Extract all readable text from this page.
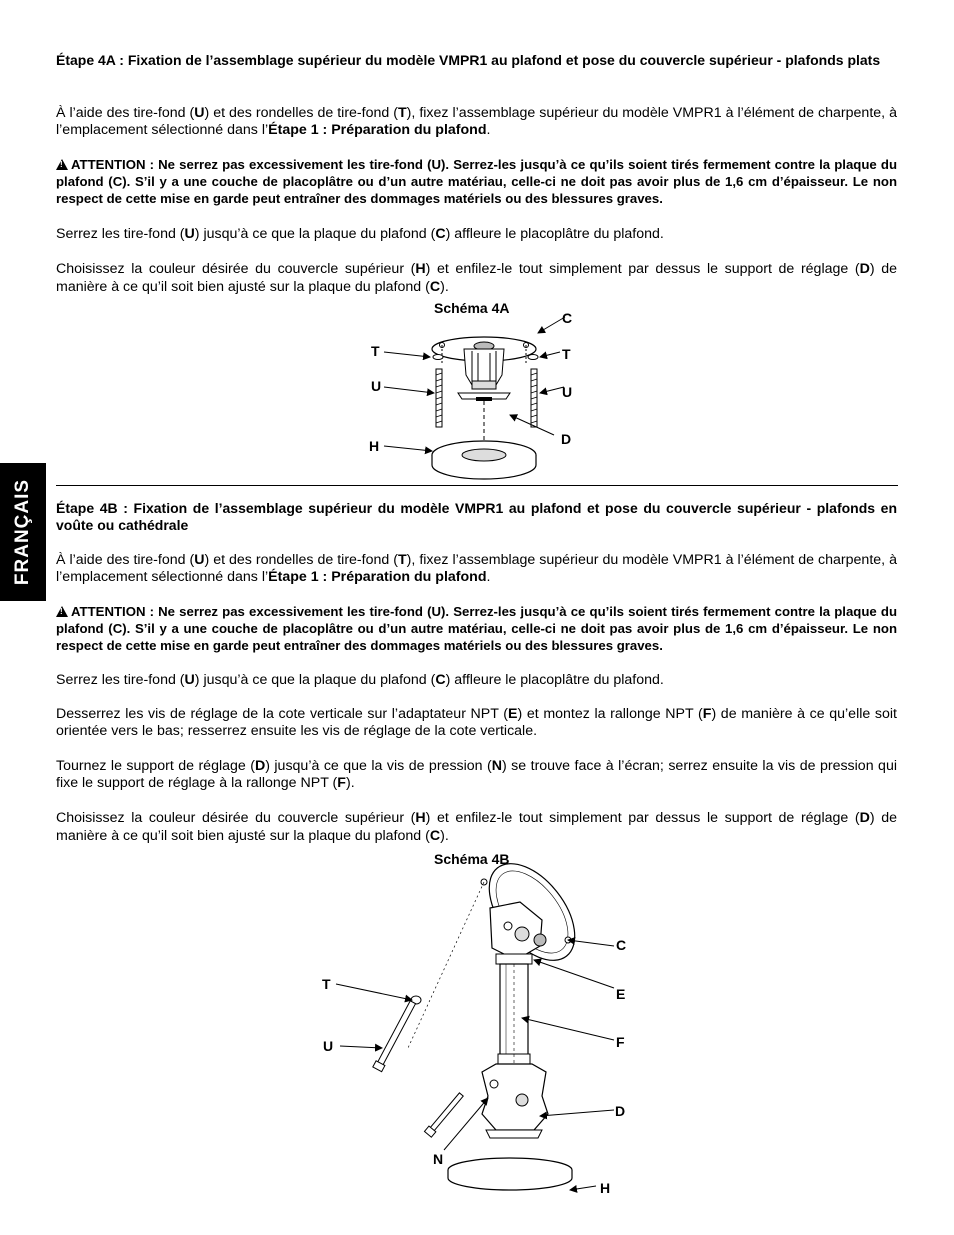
Étape 4A : Fixation de l’assemblage supérieur du modèle VMPR1 au plafond et pose du couvercle supérieur - plafonds plats
À l’aide des tire-fond (U) et des rondelles de tire-fond (T), fixez l’assemblage supérieur du modèle VMPR1 à l’élément de charpente, à l’emplacement sélectionné dans l’Étape 1 : Préparation du plafond.
!ATTENTION : Ne serrez pas excessivement les tire-fond (U). Serrez-les jusqu’à ce qu’ils soient tirés fermement contre la plaque du plafond (C). S’il y a une couche de placoplâtre ou d’un autre matériau, celle-ci ne doit pas avoir plus de 1,6 cm d’épaisseur. Le non respect de cette mise en garde peut entraîner des dommages matériels ou des blessures graves.
Serrez les tire-fond (U) jusqu’à ce que la plaque du plafond (C) affleure le placoplâtre du plafond.
Choisissez la couleur désirée du couvercle supérieur (H) et enfilez-le tout simplement par dessus le support de réglage (D) de manière à ce qu’il soit bien ajusté sur la plaque du plafond (C).
Schéma 4A
C
T	T
U	U
D
H
FRANÇAIS Étape 4B : Fixation de l’assemblage supérieur du modèle VMPR1 au plafond et pose du couvercle supérieur - plafonds en voûte ou cathédrale
À l’aide des tire-fond (U) et des rondelles de tire-fond (T), fixez l’assemblage supérieur du modèle VMPR1 à l’élément de charpente, à l’emplacement sélectionné dans l’Étape 1 : Préparation du plafond.
!ATTENTION : Ne serrez pas excessivement les tire-fond (U). Serrez-les jusqu’à ce qu’ils soient tirés fermement contre la plaque du plafond (C). S’il y a une couche de placoplâtre ou d’un autre matériau, celle-ci ne doit pas avoir plus de 1,6 cm d’épaisseur. Le non respect de cette mise en garde peut entraîner des dommages matériels ou des blessures graves.
Serrez les tire-fond (U) jusqu’à ce que la plaque du plafond (C) affleure le placoplâtre du plafond.
Desserrez les vis de réglage de la cote verticale sur l’adaptateur NPT (E) et montez la rallonge NPT (F) de manière à ce qu’elle soit orientée vers le bas; resserrez ensuite les vis de réglage de la cote verticale.
Tournez le support de réglage (D) jusqu’à ce que la vis de pression (N) se trouve face à l’écran; serrez ensuite la vis de pression qui fixe le support de réglage à la rallonge NPT (F).
Choisissez la couleur désirée du couvercle supérieur (H) et enfilez-le tout simplement par dessus le support de réglage (D) de manière à ce qu’il soit bien ajusté sur la plaque du plafond (C).
Schéma 4B
C
T
E
U	F
D
N
H
